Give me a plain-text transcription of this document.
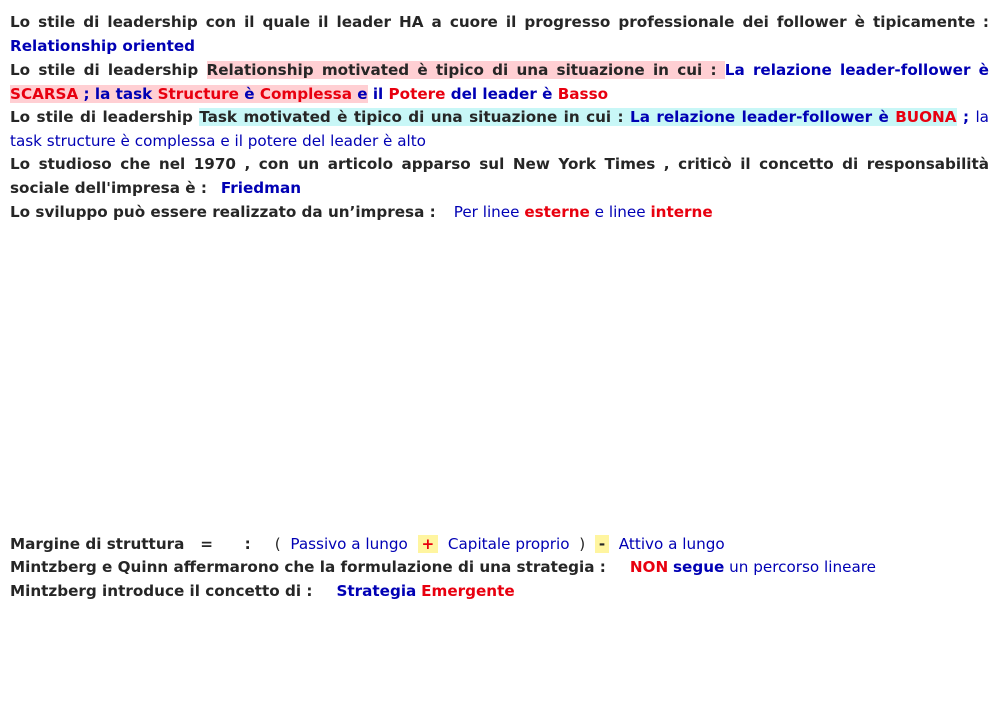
Lo stile di leadership con il quale il leader HA a cuore il progresso professionale dei follower è tipicamente :

Relationship oriented

Lo stile di leadership Relationship motivated è tipico di una situazione in cui : La relazione leader-follower è SCARSA ; la task Structure è Complessa e il Potere del leader è Basso

Lo stile di leadership Task motivated è tipico di una situazione in cui : La relazione leader-follower è BUONA ; la task structure è complessa e il potere del leader è alto

Lo studioso che nel 1970 , con un articolo apparso sul New York Times , criticò il concetto di responsabilità sociale dell'impresa è : Friedman

Lo sviluppo può essere realizzato da un’impresa : Per linee esterne e linee interne

Margine di struttura   =      : ( Passivo a lungo + Capitale proprio ) - Attivo a lungo

Mintzberg e Quinn affermarono che la formulazione di una strategia : NON segue un percorso lineare

Mintzberg introduce il concetto di : Strategia Emergente
